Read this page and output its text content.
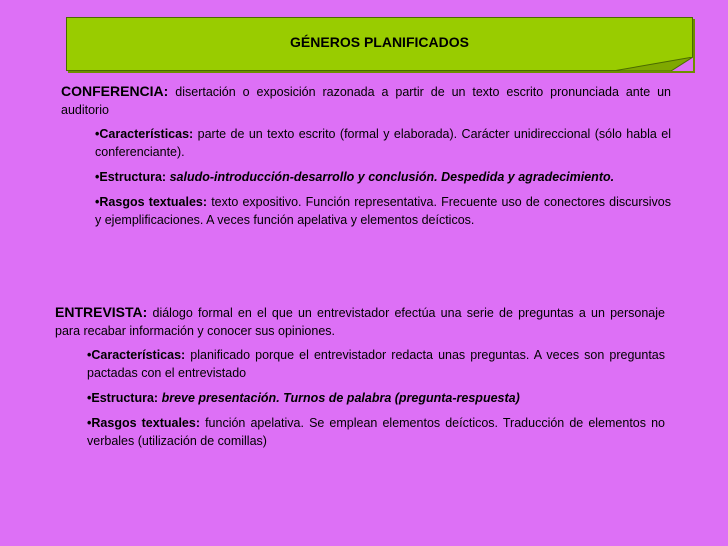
GÉNEROS PLANIFICADOS

CONFERENCIA: disertación o exposición razonada a partir de un texto escrito pronunciada ante un auditorio

•Características: parte de un texto escrito (formal y elaborada). Carácter unidireccional (sólo habla el conferenciante).

•Estructura: saludo-introducción-desarrollo y conclusión. Despedida y agradecimiento.

•Rasgos textuales: texto expositivo. Función representativa. Frecuente uso de conectores discursivos y ejemplificaciones. A veces función apelativa y elementos deícticos.

ENTREVISTA: diálogo formal en el que un entrevistador efectúa una serie de preguntas a un personaje para recabar información y conocer sus opiniones.

•Características: planificado porque el entrevistador redacta unas preguntas. A veces son preguntas pactadas con el entrevistado

•Estructura: breve presentación. Turnos de palabra (pregunta-respuesta)

•Rasgos textuales: función apelativa. Se emplean elementos deícticos. Traducción de elementos no verbales (utilización de comillas)
